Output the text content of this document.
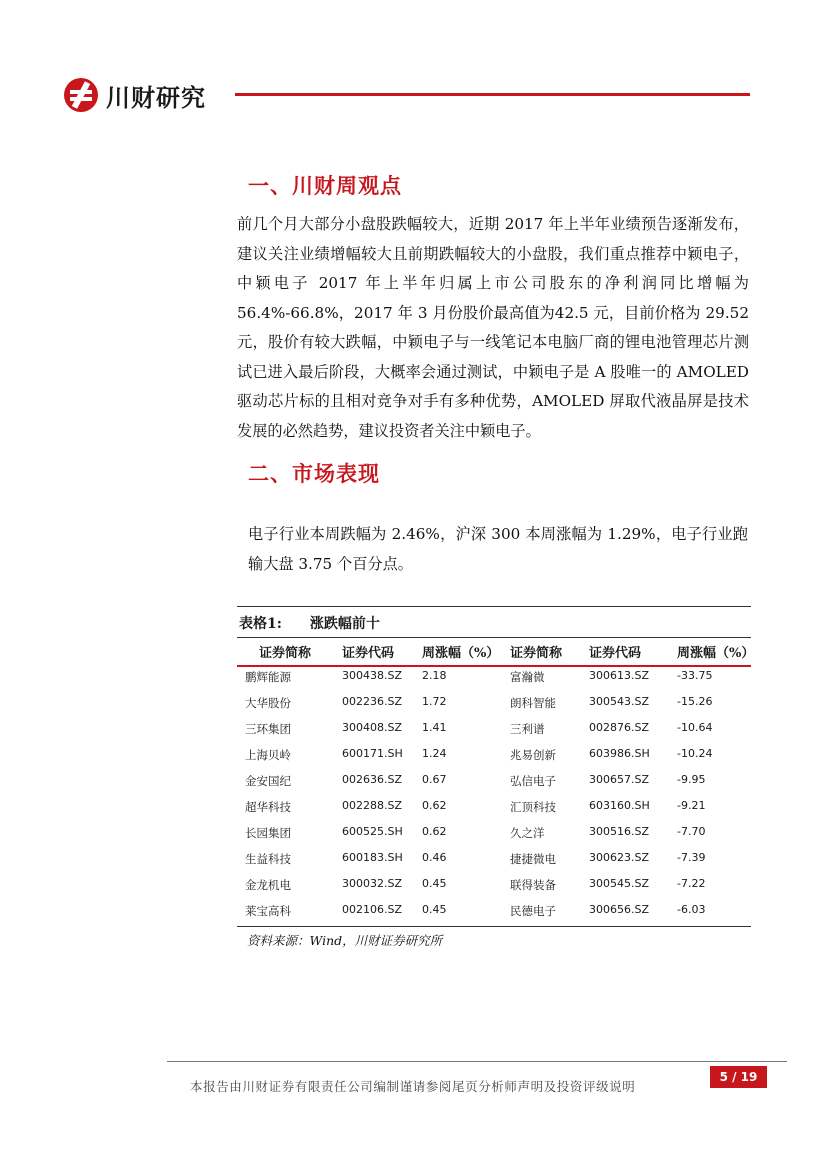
川财研究
一、川财周观点
前几个月大部分小盘股跌幅较大，近期 2017 年上半年业绩预告逐渐发布，建议关注业绩增幅较大且前期跌幅较大的小盘股，我们重点推荐中颖电子，中颖电子 2017 年上半年归属上市公司股东的净利润同比增幅为56.4%-66.8%，2017 年 3 月份股价最高值为42.5 元，目前价格为 29.52 元，股价有较大跌幅，中颖电子与一线笔记本电脑厂商的锂电池管理芯片测试已进入最后阶段，大概率会通过测试，中颖电子是 A 股唯一的 AMOLED 驱动芯片标的且相对竞争对手有多种优势，AMOLED 屏取代液晶屏是技术发展的必然趋势，建议投资者关注中颖电子。
二、市场表现
电子行业本周跌幅为 2.46%，沪深 300 本周涨幅为 1.29%，电子行业跑输大盘 3.75 个百分点。
表格1: 涨跌幅前十
证券简称 证券代码 周涨幅（%） 证券简称 证券代码	周涨幅（%）
鹏辉能源	300438.SZ 2.18	富瀚微	300613.SZ	-33.75
大华股份	002236.SZ 1.72	朗科智能	300543.SZ	-15.26
三环集团	300408.SZ 1.41	三利谱	002876.SZ	-10.64
上海贝岭	600171.SH 1.24	兆易创新	603986.SH -10.24
金安国纪	002636.SZ 0.67	弘信电子	300657.SZ	-9.95
超华科技	002288.SZ 0.62	汇顶科技	603160.SH -9.21
长园集团	600525.SH 0.62	久之洋	300516.SZ	-7.70
生益科技	600183.SH 0.46	捷捷微电	300623.SZ	-7.39
金龙机电	300032.SZ 0.45	联得装备	300545.SZ	-7.22
莱宝高科	002106.SZ 0.45	民德电子	300656.SZ	-6.03
资料来源：Wind，川财证券研究所
本报告由川财证券有限责任公司编制谨请参阅尾页分析师声明及投资评级说明
5 / 19
